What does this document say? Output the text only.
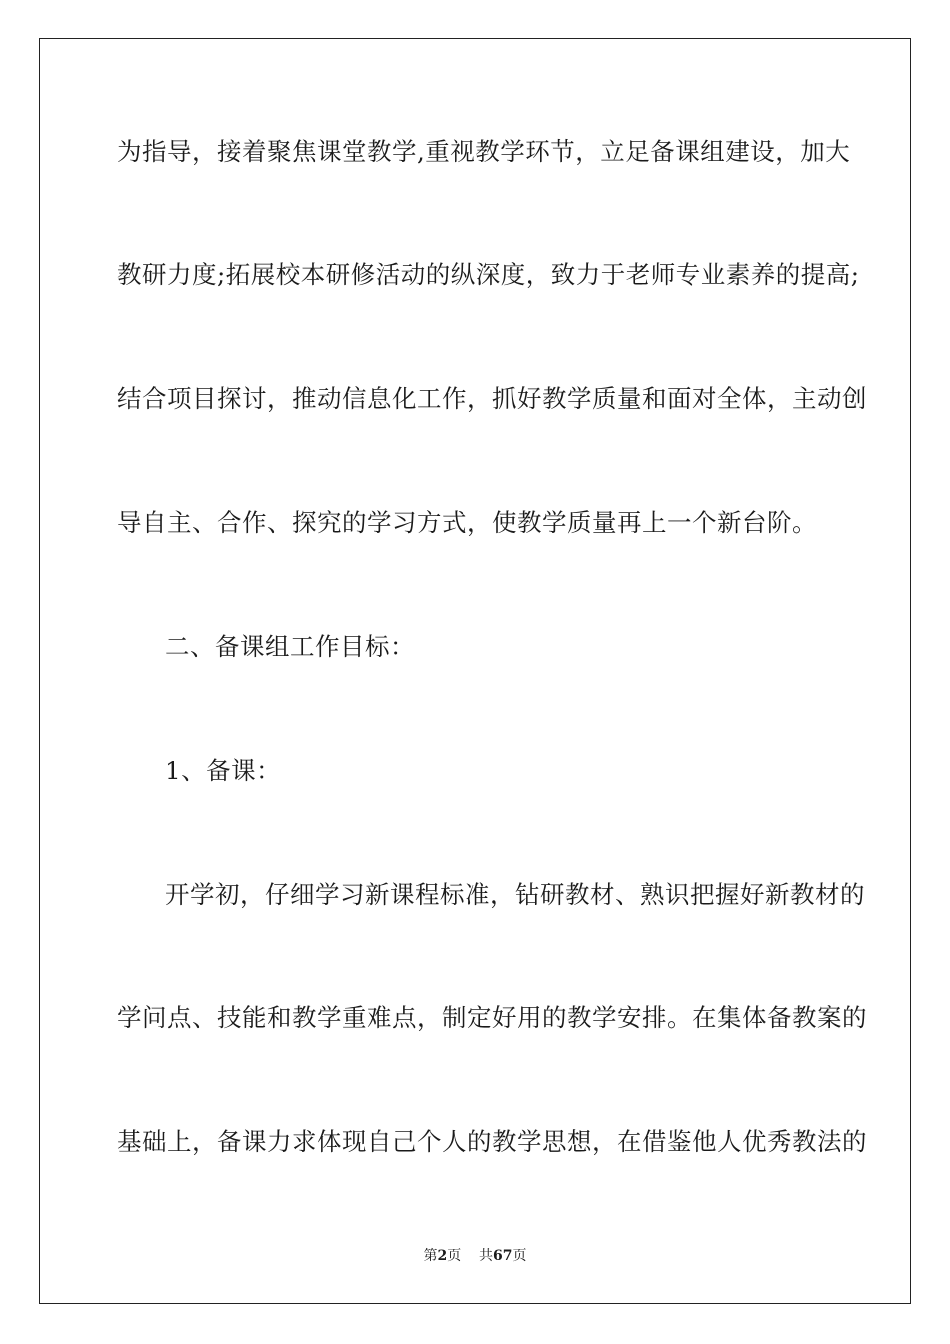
为指导，接着聚焦课堂教学,重视教学环节，立足备课组建设，加大
教研力度;拓展校本研修活动的纵深度，致力于老师专业素养的提高;
结合项目探讨，推动信息化工作，抓好教学质量和面对全体，主动创
导自主、合作、探究的学习方式，使教学质量再上一个新台阶。
二、备课组工作目标：
1、备课：
开学初，仔细学习新课程标准，钻研教材、熟识把握好新教材的
学问点、技能和教学重难点，制定好用的教学安排。在集体备教案的
基础上，备课力求体现自己个人的教学思想，在借鉴他人优秀教法的
第2页 共67页
